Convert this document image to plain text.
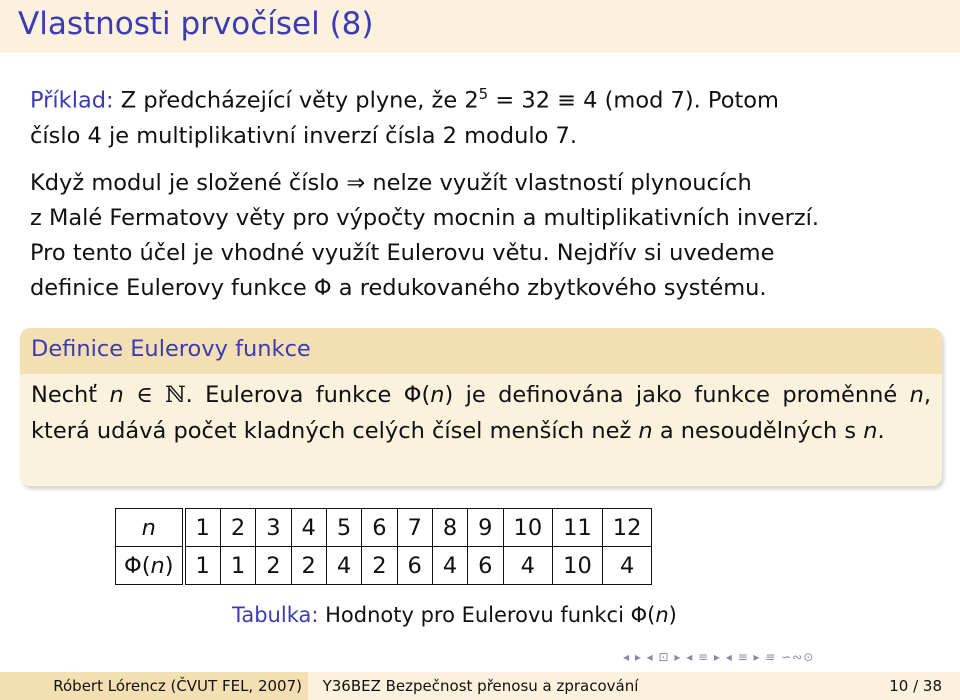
Vlastnosti prvočísel (8)

Příklad: Z předcházející věty plyne, že $2^5 = 32 \equiv 4$ (mod 7). Potom
číslo 4 je multiplikativní inverzí čísla 2 modulo 7.

Když modul je složené číslo ⇒ nelze využít vlastností plynoucích
z Malé Fermatovy věty pro výpočty mocnin a multiplikativních inverzí.
Pro tento účel je vhodné využít Eulerovu větu. Nejdřív si uvedeme
definice Eulerovy funkce Φ a redukovaného zbytkového systému.

Definice Eulerovy funkce
Nechť n ∈ ℕ. Eulerova funkce Φ(n) je definována jako funkce proměnné n, která udává počet kladných celých čísel menších než n a nesoudělných s n.
n	1	2	3	4	5	6	7	8	9	10	11	12
Φ(n)	1	1	2	2	4	2	6	4	6	4	10	4

Tabulka: Hodnoty pro Eulerovu funkci Φ(n)

◂ ▸ ◂ ⊡ ▸ ◂ ≡ ▸ ◂ ≡ ▸ ≡ ∽∾⊙
Róbert Lórencz (ČVUT FEL, 2007)	Y36BEZ Bezpečnost přenosu a zpracování	10 / 38
